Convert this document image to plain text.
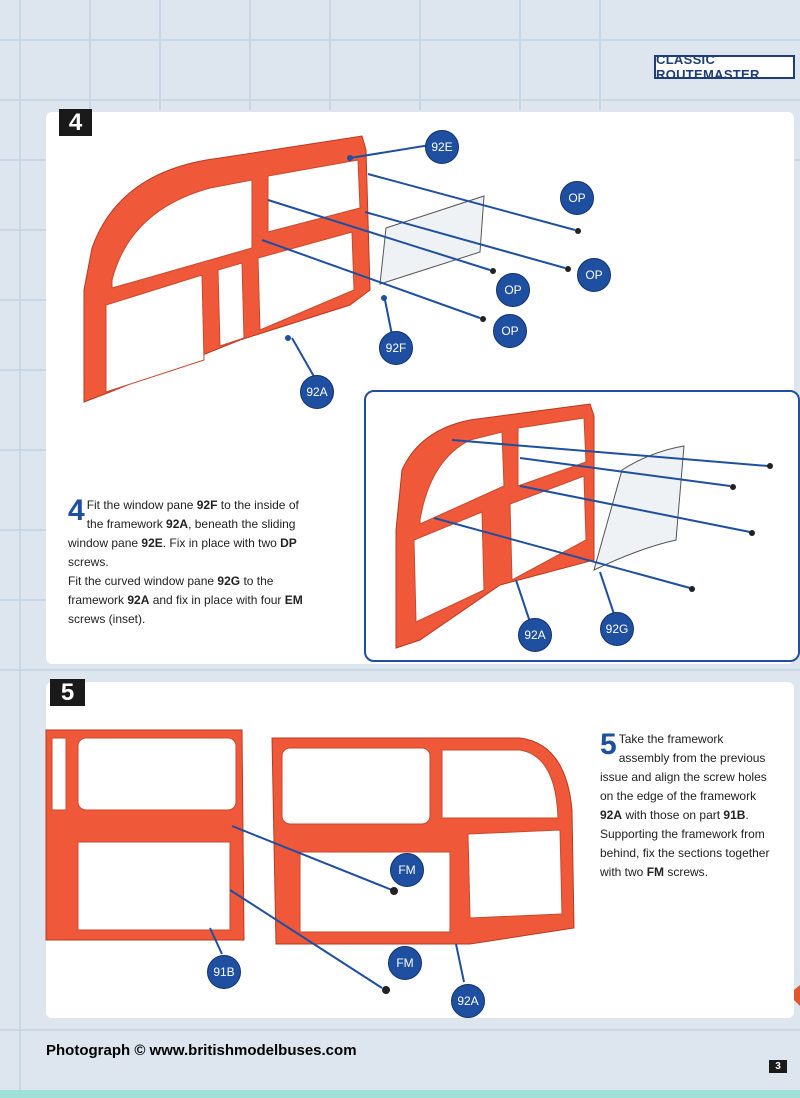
CLASSIC ROUTEMASTER
4
92E
OP
OP
OP
OP
92F
92A
92A	92G
4 Fit the window pane 92F to the inside of the framework 92A, beneath the sliding window pane 92E. Fix in place with two DP screws.
Fit the curved window pane 92G to the framework 92A and fix in place with four EM screws (inset).
5
FM
FM
91B
92A
5 Take the framework assembly from the previous issue and align the screw holes on the edge of the framework 92A with those on part 91B. Supporting the framework from behind, fix the sections together with two FM screws.
Photograph © www.britishmodelbuses.com
3
